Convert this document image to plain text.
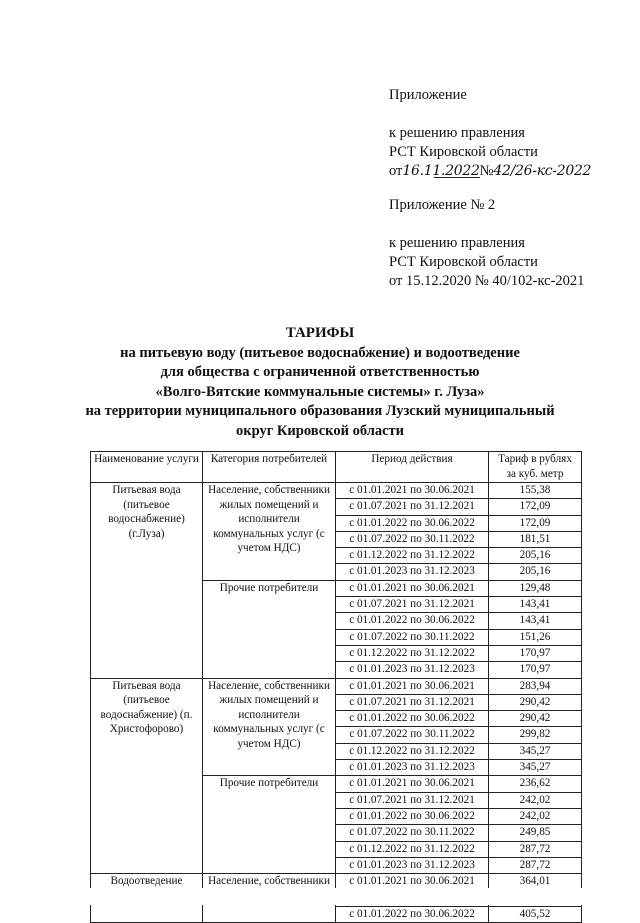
Приложение
к решению правления
РСТ Кировской области
от16.11.2022№42/26-кс-2022
Приложение № 2
к решению правления
РСТ Кировской области
от 15.12.2020 № 40/102-кс-2021
ТАРИФЫ
на питьевую воду (питьевое водоснабжение) и водоотведение
для общества с ограниченной ответственностью
«Волго-Вятские коммунальные системы» г. Луза»
на территории муниципального образования Лузский муниципальный
округ Кировской области
Наименование услуги	Категория потребителей	Период действия	Тариф в рублях за куб. метр
Питьевая вода (питьевое водоснабжение) (г.Луза)	Население, собственники жилых помещений и исполнители коммунальных услуг (с учетом НДС)	с 01.01.2021 по 30.06.2021	155,38
		с 01.07.2021 по 31.12.2021	172,09
		с 01.01.2022 по 30.06.2022	172,09
		с 01.07.2022 по 30.11.2022	181,51
		с 01.12.2022 по 31.12.2022	205,16
		с 01.01.2023 по 31.12.2023	205,16
	Прочие потребители	с 01.01.2021 по 30.06.2021	129,48
		с 01.07.2021 по 31.12.2021	143,41
		с 01.01.2022 по 30.06.2022	143,41
		с 01.07.2022 по 30.11.2022	151,26
		с 01.12.2022 по 31.12.2022	170,97
		с 01.01.2023 по 31.12.2023	170,97
Питьевая вода (питьевое водоснабжение) (п. Христофорово)	Население, собственники жилых помещений и исполнители коммунальных услуг (с учетом НДС)	с 01.01.2021 по 30.06.2021	283,94
		с 01.07.2021 по 31.12.2021	290,42
		с 01.01.2022 по 30.06.2022	290,42
		с 01.07.2022 по 30.11.2022	299,82
		с 01.12.2022 по 31.12.2022	345,27
		с 01.01.2023 по 31.12.2023	345,27
	Прочие потребители	с 01.01.2021 по 30.06.2021	236,62
		с 01.07.2021 по 31.12.2021	242,02
		с 01.01.2022 по 30.06.2022	242,02
		с 01.07.2022 по 30.11.2022	249,85
		с 01.12.2022 по 31.12.2022	287,72
		с 01.01.2023 по 31.12.2023	287,72
Водоотведение	Население, собственники	с 01.01.2021 по 30.06.2021	364,01

		с 01.01.2022 по 30.06.2022	405,52
